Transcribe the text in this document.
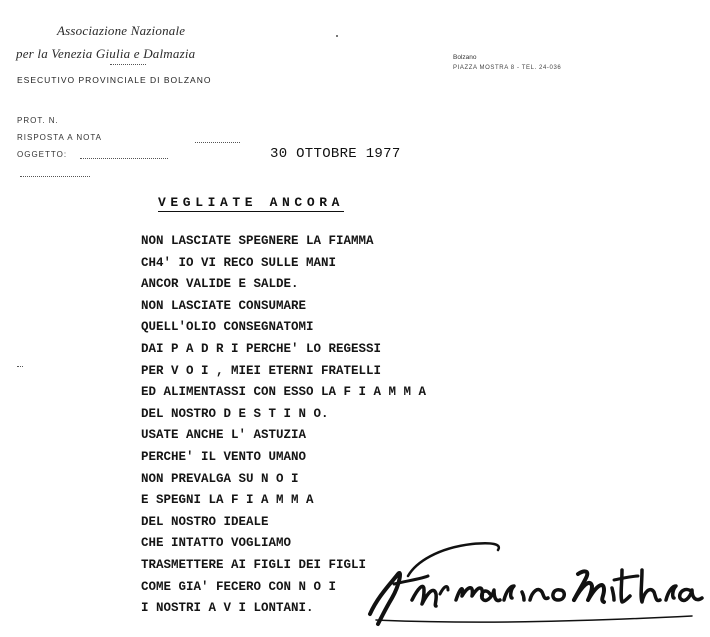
Associazione Nazionale
per la Venezia Giulia e Dalmazia
ESECUTIVO PROVINCIALE DI BOLZANO
Bolzano
PIAZZA MOSTRA 8 - TEL. 24-036
PROT. N.
RISPOSTA A NOTA
OGGETTO:	30 OTTOBRE 1977
VEGLIATE ANCORA
NON LASCIATE SPEGNERE LA FIAMMA
CH4' IO VI RECO SULLE MANI
ANCOR VALIDE E SALDE.
NON LASCIATE CONSUMARE
QUELL'OLIO CONSEGNATOMI
DAI P A D R I PERCHE' LO REGESSI
PER V O I , MIEI ETERNI FRATELLI
ED ALIMENTASSI CON ESSO LA F I A M M A
DEL NOSTRO D E S T I N O.
USATE ANCHE L' ASTUZIA
PERCHE' IL VENTO UMANO
NON PREVALGA SU N O I
E SPEGNI LA F I A M M A
DEL NOSTRO IDEALE
CHE INTATTO VOGLIAMO
TRASMETTERE AI FIGLI DEI FIGLI
COME GIA' FECERO CON N O I
I NOSTRI A V I LONTANI.
